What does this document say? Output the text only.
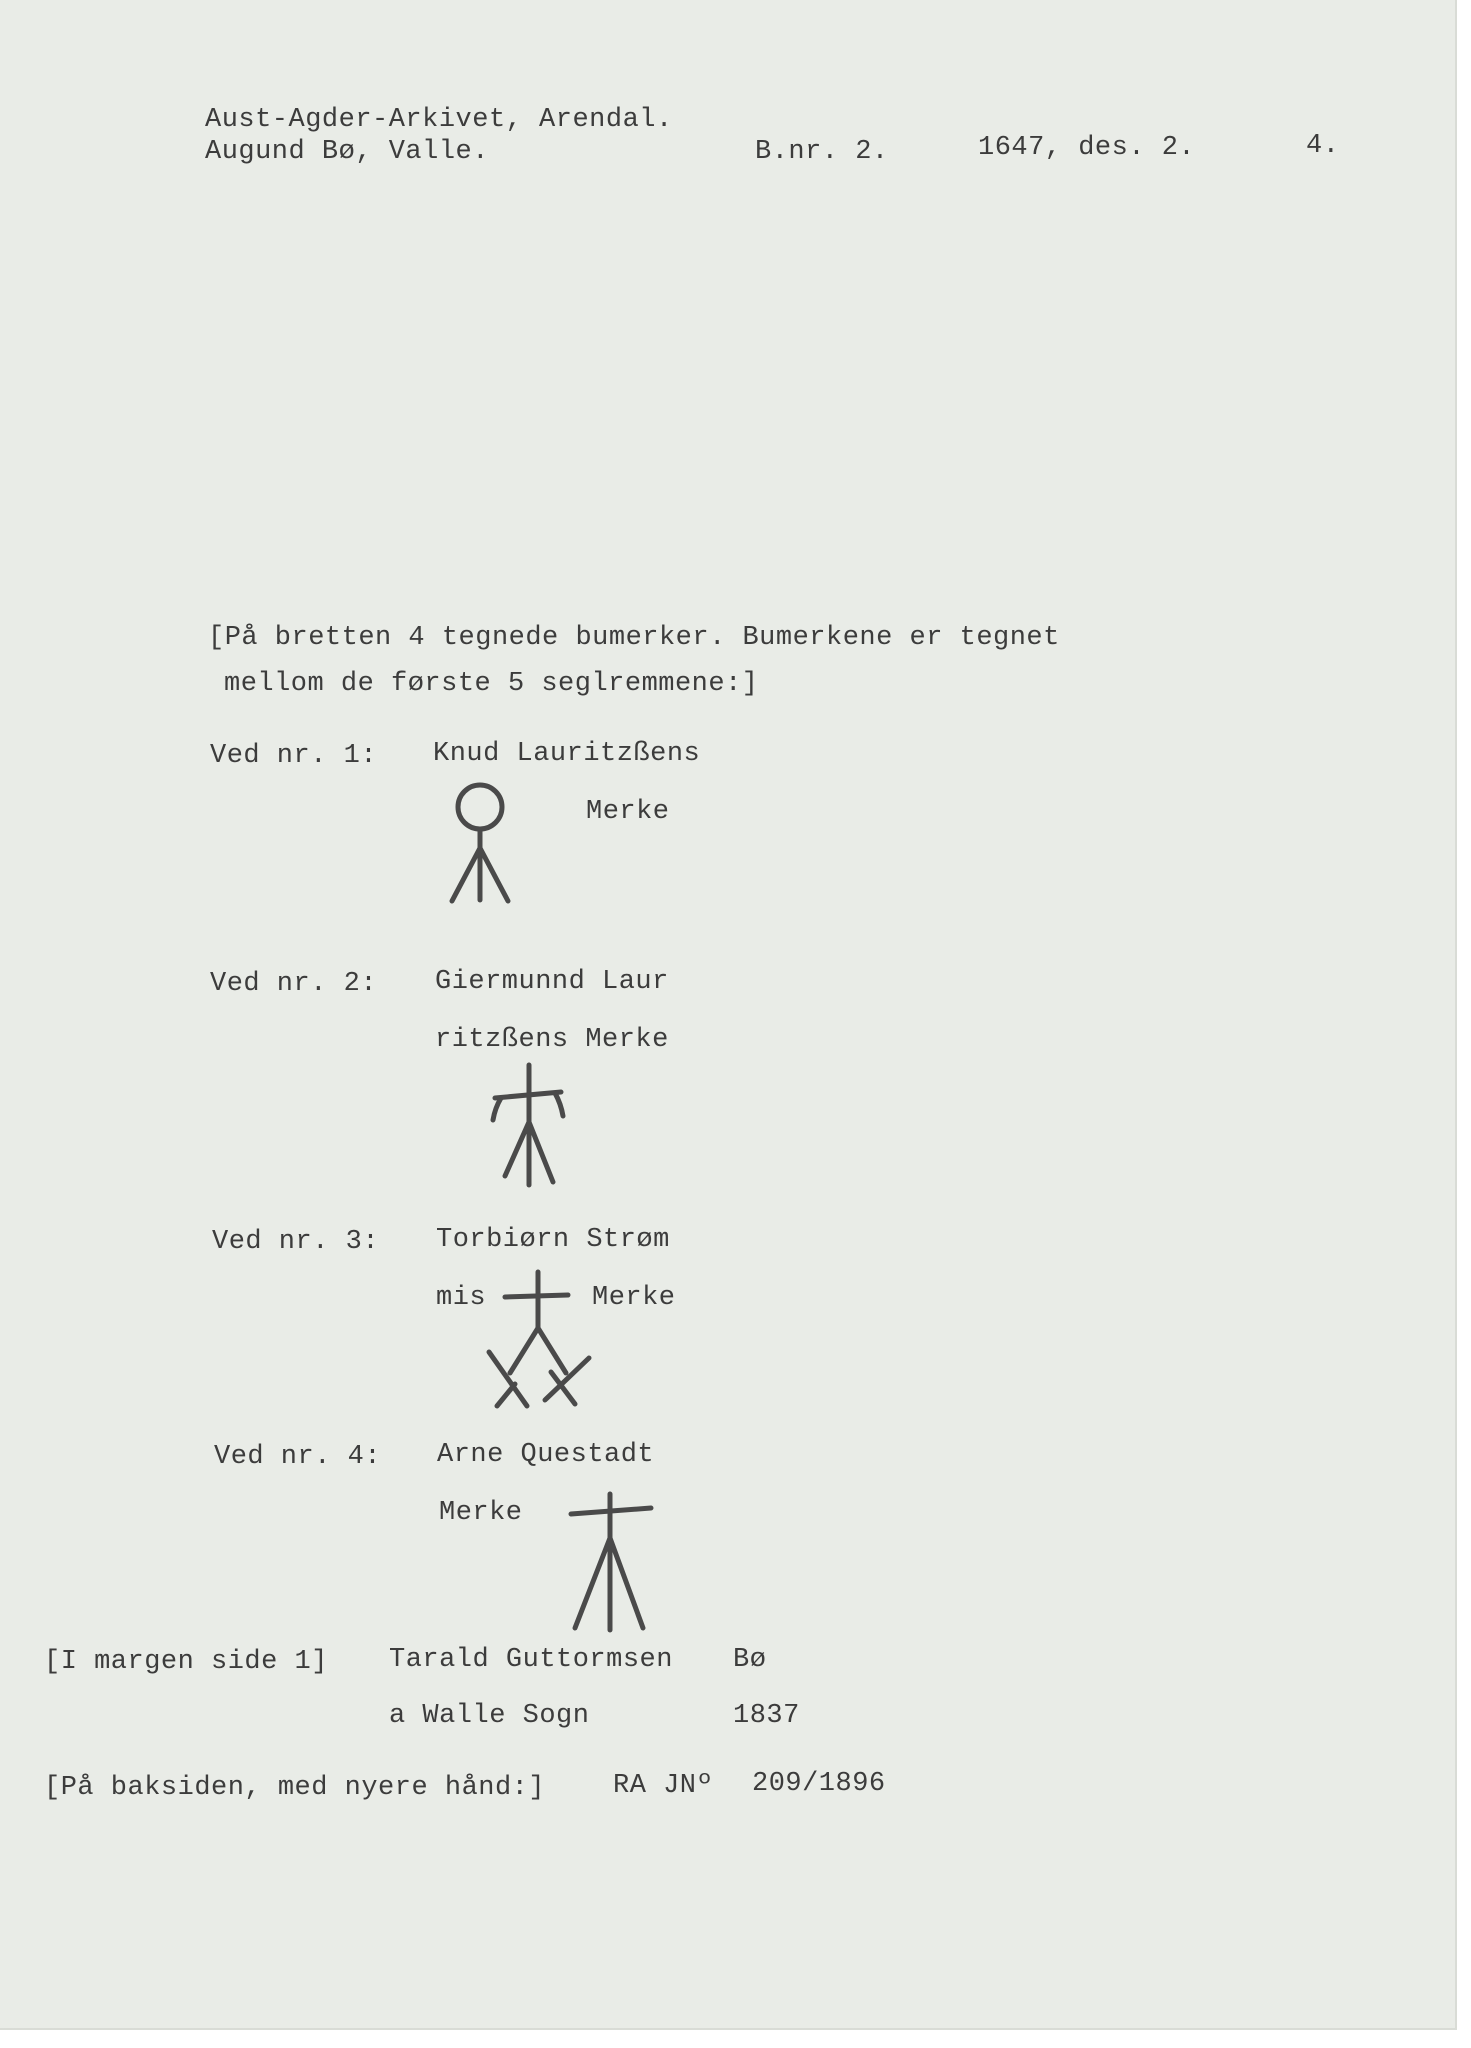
Aust-Agder-Arkivet, Arendal.
Augund Bø, Valle.	B.nr. 2.	1647, des. 2.	4.
[På bretten 4 tegnede bumerker. Bumerkene er tegnet
mellom de første 5 seglremmene:]
Ved nr. 1: Knud Lauritzßens
Merke
Ved nr. 2: Giermunnd Laur
ritzßens Merke
Ved nr. 3: Torbiørn Strøm
mis	Merke
Ved nr. 4: Arne Questadt
Merke
[I margen side 1] Tarald Guttormsen Bø
a Walle Sogn	1837
[På baksiden, med nyere hånd:]	RA JNº 209/1896
